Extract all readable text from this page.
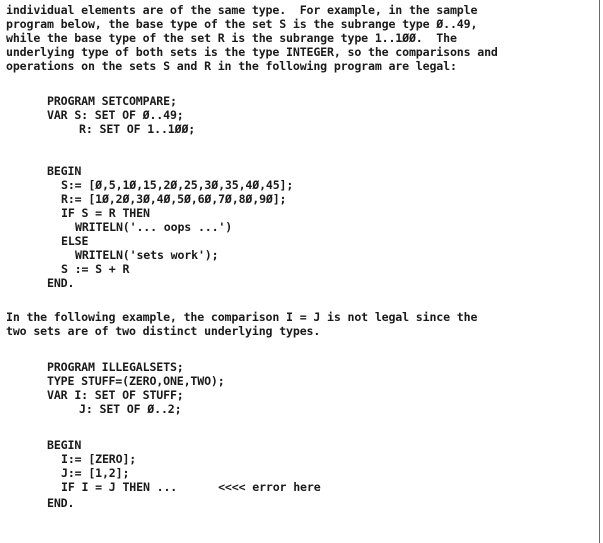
individual elements are of the same type.  For example, in the sample
program below, the base type of the set S is the subrange type Ø..49,
while the base type of the set R is the subrange type 1..1ØØ.  The
underlying type of both sets is the type INTEGER, so the comparisons and
operations on the sets S and R in the following program are legal:
PROGRAM SETCOMPARE;
VAR S: SET OF Ø..49;
R: SET OF 1..1ØØ;
BEGIN
S:= [Ø,5,1Ø,15,2Ø,25,3Ø,35,4Ø,45];
R:= [1Ø,2Ø,3Ø,4Ø,5Ø,6Ø,7Ø,8Ø,9Ø];
IF S = R THEN
WRITELN('... oops ...')
ELSE
WRITELN('sets work');
S := S + R
END.
In the following example, the comparison I = J is not legal since the
two sets are of two distinct underlying types.
PROGRAM ILLEGALSETS;
TYPE STUFF=(ZERO,ONE,TWO);
VAR I: SET OF STUFF;
J: SET OF Ø..2;
BEGIN
I:= [ZERO];
J:= [1,2];
IF I = J THEN ...      <<<< error here
END.
